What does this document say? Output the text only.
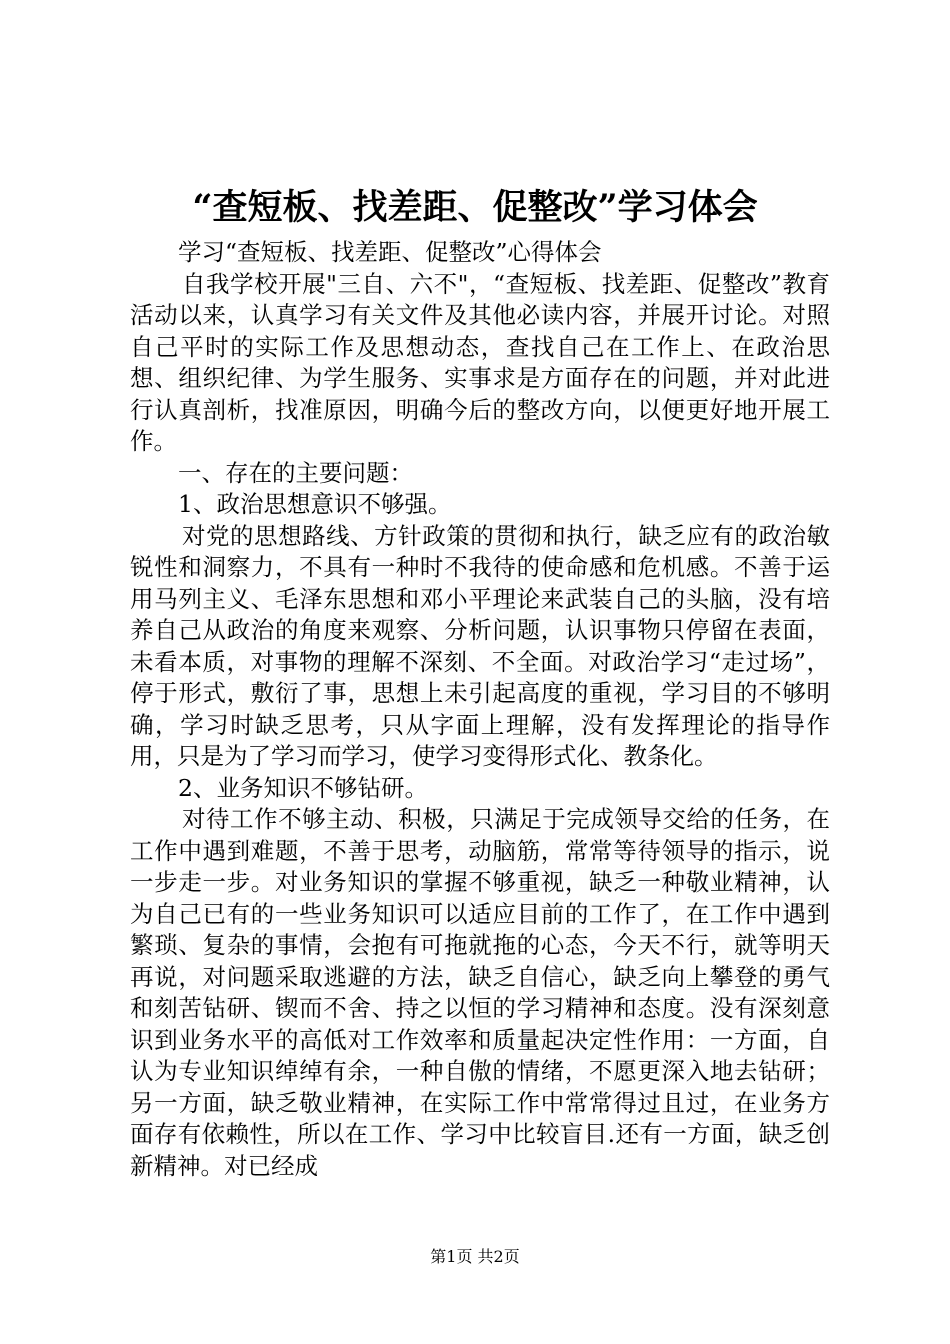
“查短板、找差距、促整改”学习体会

学习“查短板、找差距、促整改”心得体会

自我学校开展"三自、六不"，“查短板、找差距、促整改”教育活动以来，认真学习有关文件及其他必读内容，并展开讨论。对照自己平时的实际工作及思想动态，查找自己在工作上、在政治思想、组织纪律、为学生服务、实事求是方面存在的问题，并对此进行认真剖析，找准原因，明确今后的整改方向，以便更好地开展工作。

一、存在的主要问题：

1、政治思想意识不够强。

对党的思想路线、方针政策的贯彻和执行，缺乏应有的政治敏锐性和洞察力，不具有一种时不我待的使命感和危机感。不善于运用马列主义、毛泽东思想和邓小平理论来武装自己的头脑，没有培养自己从政治的角度来观察、分析问题，认识事物只停留在表面，未看本质，对事物的理解不深刻、不全面。对政治学习“走过场”，停于形式，敷衍了事，思想上未引起高度的重视，学习目的不够明确，学习时缺乏思考，只从字面上理解，没有发挥理论的指导作用，只是为了学习而学习，使学习变得形式化、教条化。

2、业务知识不够钻研。

对待工作不够主动、积极，只满足于完成领导交给的任务，在工作中遇到难题，不善于思考，动脑筋，常常等待领导的指示，说一步走一步。对业务知识的掌握不够重视，缺乏一种敬业精神，认为自己已有的一些业务知识可以适应目前的工作了，在工作中遇到繁琐、复杂的事情，会抱有可拖就拖的心态，今天不行，就等明天再说，对问题采取逃避的方法，缺乏自信心，缺乏向上攀登的勇气和刻苦钻研、锲而不舍、持之以恒的学习精神和态度。没有深刻意识到业务水平的高低对工作效率和质量起决定性作用：一方面，自认为专业知识绰绰有余，一种自傲的情绪，不愿更深入地去钻研；另一方面，缺乏敬业精神，在实际工作中常常得过且过，在业务方面存有依赖性，所以在工作、学习中比较盲目.还有一方面，缺乏创新精神。对已经成

第1页 共2页
